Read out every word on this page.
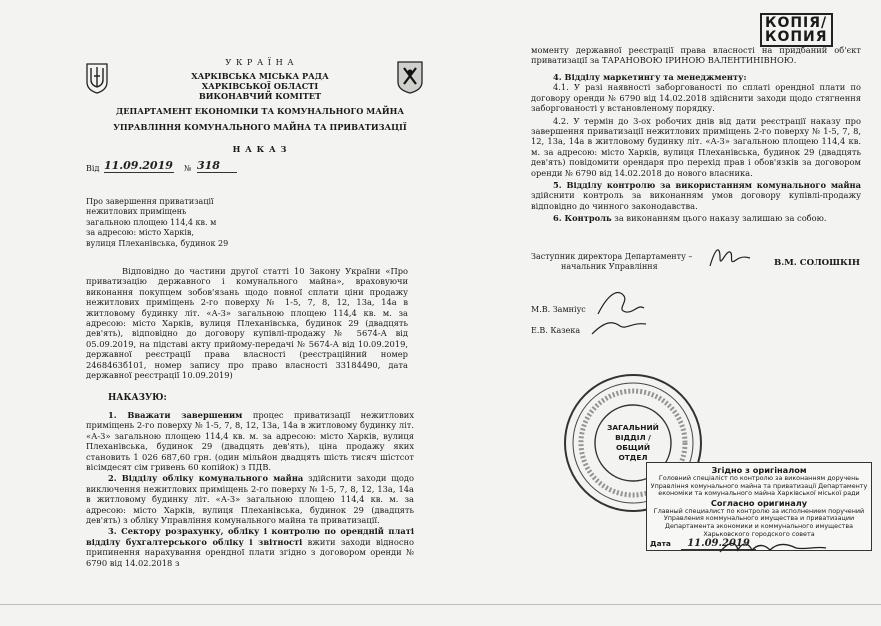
У К Р А Ї Н А
ХАРКІВСЬКА МІСЬКА РАДА
ХАРКІВСЬКОЇ ОБЛАСТІ
ВИКОНАВЧИЙ КОМІТЕТ
ДЕПАРТАМЕНТ ЕКОНОМІКИ ТА КОМУНАЛЬНОГО МАЙНА
УПРАВЛІННЯ КОМУНАЛЬНОГО МАЙНА ТА ПРИВАТИЗАЦІЇ
Н А К А З
Від 11.09.2019 № 318
КОПІЯ/
КОПИЯ
Про завершення приватизації
нежитлових приміщень
загальною площею 114,4 кв. м
за адресою: місто Харків,
вулиця Плеханівська, будинок 29
Відповідно до частини другої статті 10 Закону України «Про приватизацію державного і комунального майна», враховуючи виконання покупцем зобов'язань щодо повної сплати ціни продажу нежитлових приміщень 2-го поверху № 1-5, 7, 8, 12, 13а, 14а в житловому будинку літ. «А-3» загальною площею 114,4 кв. м. за адресою: місто Харків, вулиця Плеханівська, будинок 29 (двадцять дев'ять), відповідно до договору купівлі-продажу № 5674-А від 05.09.2019, на підставі акту прийому-передачі № 5674-А від 10.09.2019, державної реєстрації права власності (реєстраційний номер 2468463б101, номер запису про право власності 33184490, дата державної реєстрації 10.09.2019)
НАКАЗУЮ:

1. Вважати завершеним процес приватизації нежитлових приміщень 2-го поверху № 1-5, 7, 8, 12, 13а, 14а в житловому будинку літ. «А-3» загальною площею 114,4 кв. м. за адресою: місто Харків, вулиця Плеханівська, будинок 29 (двадцять дев'ять), ціна продажу яких становить 1 026 687,60 грн. (один мільйон двадцять шість тисяч шістсот вісімдесят сім гривень 60 копійок) з ПДВ.

2. Відділу обліку комунального майна здійснити заходи щодо виключення нежитлових приміщень 2-го поверху № 1-5, 7, 8, 12, 13а, 14а в житловому будинку літ. «А-3» загальною площею 114,4 кв. м. за адресою: місто Харків, вулиця Плеханівська, будинок 29 (двадцять дев'ять) з обліку Управління комунального майна та приватизації.

3. Сектору розрахунку, обліку і контролю по орендній платі відділу бухгалтерського обліку і звітності вжити заходи відносно припинення нарахування орендної плати згідно з договором оренди № 6790 від 14.02.2018 з

моменту державної реєстрації права власності на придбаний об'єкт приватизації за ТАРАНОВОЮ ІРИНОЮ ВАЛЕНТИНІВНОЮ.

4. Відділу маркетингу та менеджменту:

4.1. У разі наявності заборгованості по сплаті орендної плати по договору оренди № 6790 від 14.02.2018 здійснити заходи щодо стягнення заборгованості у встановленому порядку.

4.2. У термін до 3-ох робочих днів від дати реєстрації наказу про завершення приватизації нежитлових приміщень 2-го поверху № 1-5, 7, 8, 12, 13а, 14а в житловому будинку літ. «А-3» загальною площею 114,4 кв. м. за адресою: місто Харків, вулиця Плеханівська, будинок 29 (двадцять дев'ять) повідомити орендаря про перехід прав і обов'язків за договором оренди № 6790 від 14.02.2018 до нового власника.

5. Відділу контролю за використанням комунального майна здійснити контроль за виконанням умов договору купівлі-продажу відповідно до чинного законодавства.

6. Контроль за виконанням цього наказу залишаю за собою.

Заступник директора Департаменту –
начальник Управління	В.М. СОЛОШКІН
М.В. Замніус
Е.В. Казека
ЗАГАЛЬНИЙ
ВІДДІЛ /
ОБЩИЙ ОТДЕЛ
Згідно з оригіналом
Головний спеціаліст по контролю за виконанням доручень Управління комунального майна та приватизації Департаменту економіки та комунального майна Харківської міської ради
Согласно оригиналу
Главный специалист по контролю за исполнением поручений Управления коммунального имущества и приватизации Департамента экономики и коммунального имущества Харьковского городского совета
Дата 11.09.2019
